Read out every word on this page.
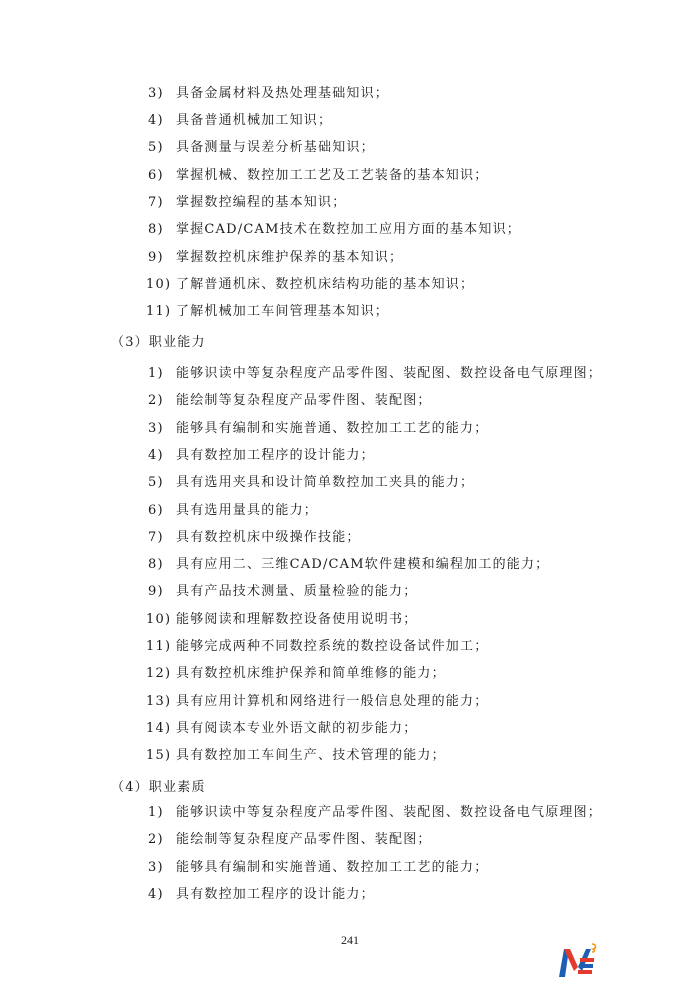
3) 具备金属材料及热处理基础知识；
4) 具备普通机械加工知识；
5) 具备测量与误差分析基础知识；
6) 掌握机械、数控加工工艺及工艺装备的基本知识；
7) 掌握数控编程的基本知识；
8) 掌握CAD/CAM技术在数控加工应用方面的基本知识；
9) 掌握数控机床维护保养的基本知识；
10) 了解普通机床、数控机床结构功能的基本知识；
11) 了解机械加工车间管理基本知识；
（3）职业能力
1) 能够识读中等复杂程度产品零件图、装配图、数控设备电气原理图；
2) 能绘制等复杂程度产品零件图、装配图；
3) 能够具有编制和实施普通、数控加工工艺的能力；
4) 具有数控加工程序的设计能力；
5) 具有选用夹具和设计简单数控加工夹具的能力；
6) 具有选用量具的能力；
7) 具有数控机床中级操作技能；
8) 具有应用二、三维CAD/CAM软件建模和编程加工的能力；
9) 具有产品技术测量、质量检验的能力；
10) 能够阅读和理解数控设备使用说明书；
11) 能够完成两种不同数控系统的数控设备试件加工；
12) 具有数控机床维护保养和简单维修的能力；
13) 具有应用计算机和网络进行一般信息处理的能力；
14) 具有阅读本专业外语文献的初步能力；
15) 具有数控加工车间生产、技术管理的能力；
（4）职业素质
1) 能够识读中等复杂程度产品零件图、装配图、数控设备电气原理图；
2) 能绘制等复杂程度产品零件图、装配图；
3) 能够具有编制和实施普通、数控加工工艺的能力；
4) 具有数控加工程序的设计能力；
241
